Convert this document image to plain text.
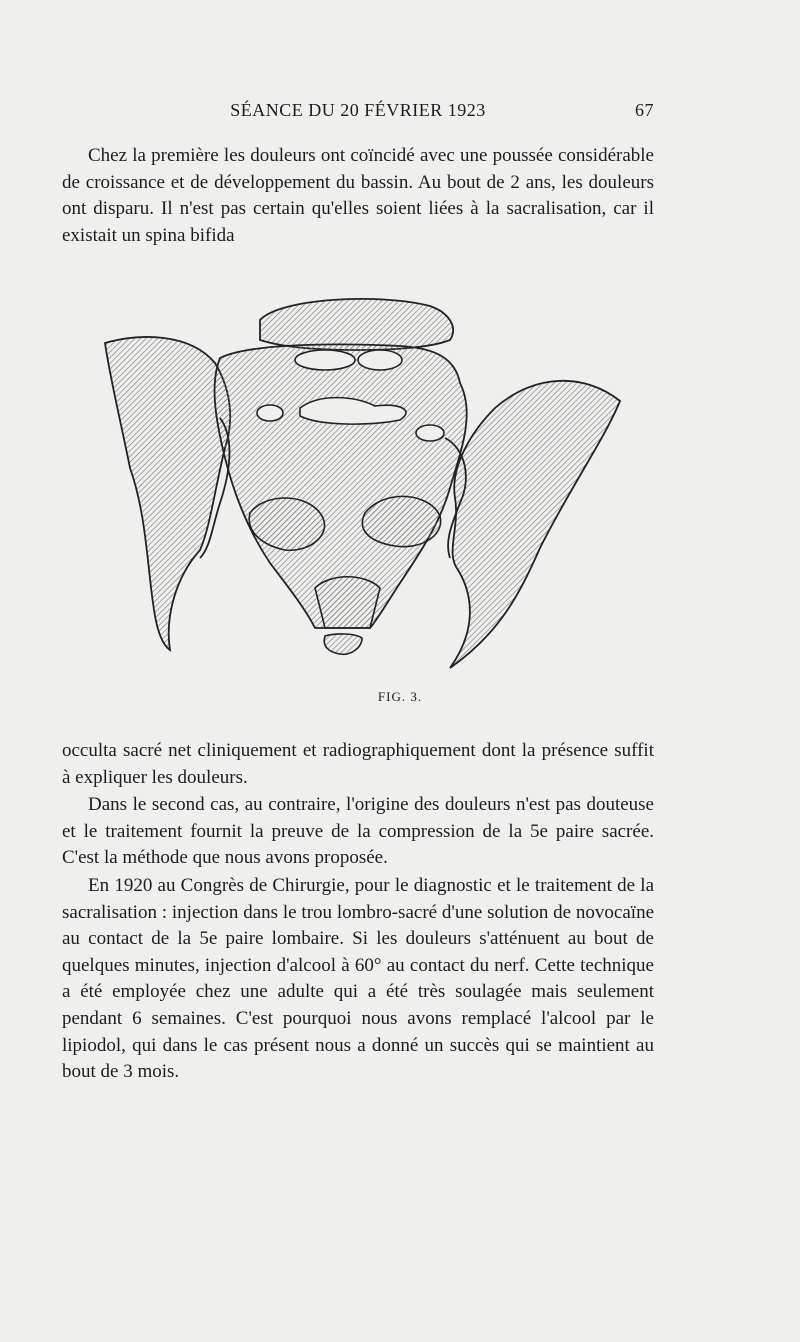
SÉANCE DU 20 FÉVRIER 1923	67

Chez la première les douleurs ont coïncidé avec une poussée considérable de croissance et de développement du bassin. Au bout de 2 ans, les douleurs ont disparu. Il n'est pas certain qu'elles soient liées à la sacralisation, car il existait un spina bifida

FIG. 3.

occulta sacré net cliniquement et radiographiquement dont la présence suffit à expliquer les douleurs.

Dans le second cas, au contraire, l'origine des douleurs n'est pas douteuse et le traitement fournit la preuve de la compression de la 5e paire sacrée. C'est la méthode que nous avons proposée.

En 1920 au Congrès de Chirurgie, pour le diagnostic et le traitement de la sacralisation : injection dans le trou lombro-sacré d'une solution de novocaïne au contact de la 5e paire lombaire. Si les douleurs s'atténuent au bout de quelques minutes, injection d'alcool à 60° au contact du nerf. Cette technique a été employée chez une adulte qui a été très soulagée mais seulement pendant 6 semaines. C'est pourquoi nous avons remplacé l'alcool par le lipiodol, qui dans le cas présent nous a donné un succès qui se maintient au bout de 3 mois.
